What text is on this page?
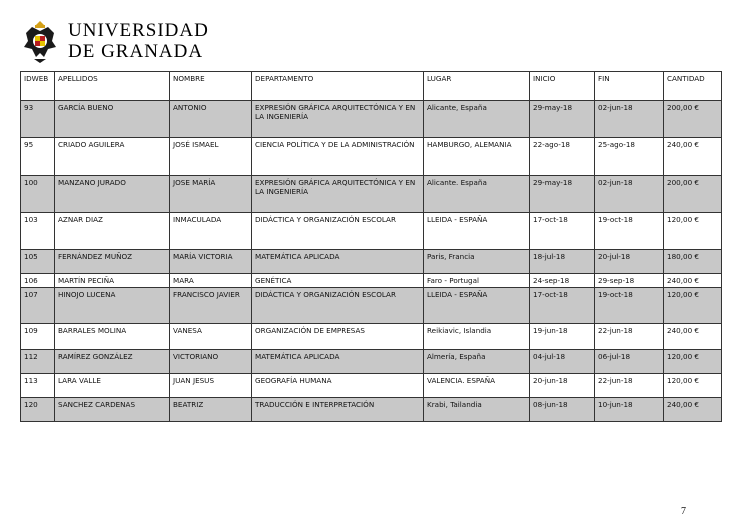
UNIVERSIDAD
DE GRANADA
IDWEB	APELLIDOS	NOMBRE	DEPARTAMENTO	LUGAR	INICIO	FIN	CANTIDAD
93	GARCÍA BUENO	ANTONIO	EXPRESIÓN GRÁFICA ARQUITECTÓNICA Y EN LA INGENIERÍA	Alicante, España	29-may-18	02-jun-18	200,00 €
95	CRIADO AGUILERA	JOSÉ ISMAEL	CIENCIA POLÍTICA Y DE LA ADMINISTRACIÓN	HAMBURGO, ALEMANIA	22-ago-18	25-ago-18	240,00 €
100	MANZANO JURADO	JOSE MARÍA	EXPRESIÓN GRÁFICA ARQUITECTÓNICA Y EN LA INGENIERÍA	Alicante. España	29-may-18	02-jun-18	200,00 €
103	AZNAR DIAZ	INMACULADA	DIDÁCTICA Y ORGANIZACIÓN ESCOLAR	LLEIDA - ESPAÑA	17-oct-18	19-oct-18	120,00 €
105	FERNÁNDEZ MUÑOZ	MARÍA VICTORIA	MATEMÁTICA APLICADA	Paris, Francia	18-jul-18	20-jul-18	180,00 €
106	MARTÍN PECIÑA	MARA	GENÉTICA	Faro - Portugal	24-sep-18	29-sep-18	240,00 €
107	HINOJO LUCENA	FRANCISCO JAVIER	DIDÁCTICA Y ORGANIZACIÓN ESCOLAR	LLEIDA - ESPAÑA	17-oct-18	19-oct-18	120,00 €
109	BARRALES MOLINA	VANESA	ORGANIZACIÓN DE EMPRESAS	Reikiavic, Islandia	19-jun-18	22-jun-18	240,00 €
112	RAMÍREZ GONZÁLEZ	VICTORIANO	MATEMÁTICA APLICADA	Almería, España	04-jul-18	06-jul-18	120,00 €
113	LARA VALLE	JUAN JESUS	GEOGRAFÍA HUMANA	VALENCIA. ESPAÑA	20-jun-18	22-jun-18	120,00 €
120	SANCHEZ CARDENAS	BEATRIZ	TRADUCCIÓN E INTERPRETACIÓN	Krabi, Tailandia	08-jun-18	10-jun-18	240,00 €
7
